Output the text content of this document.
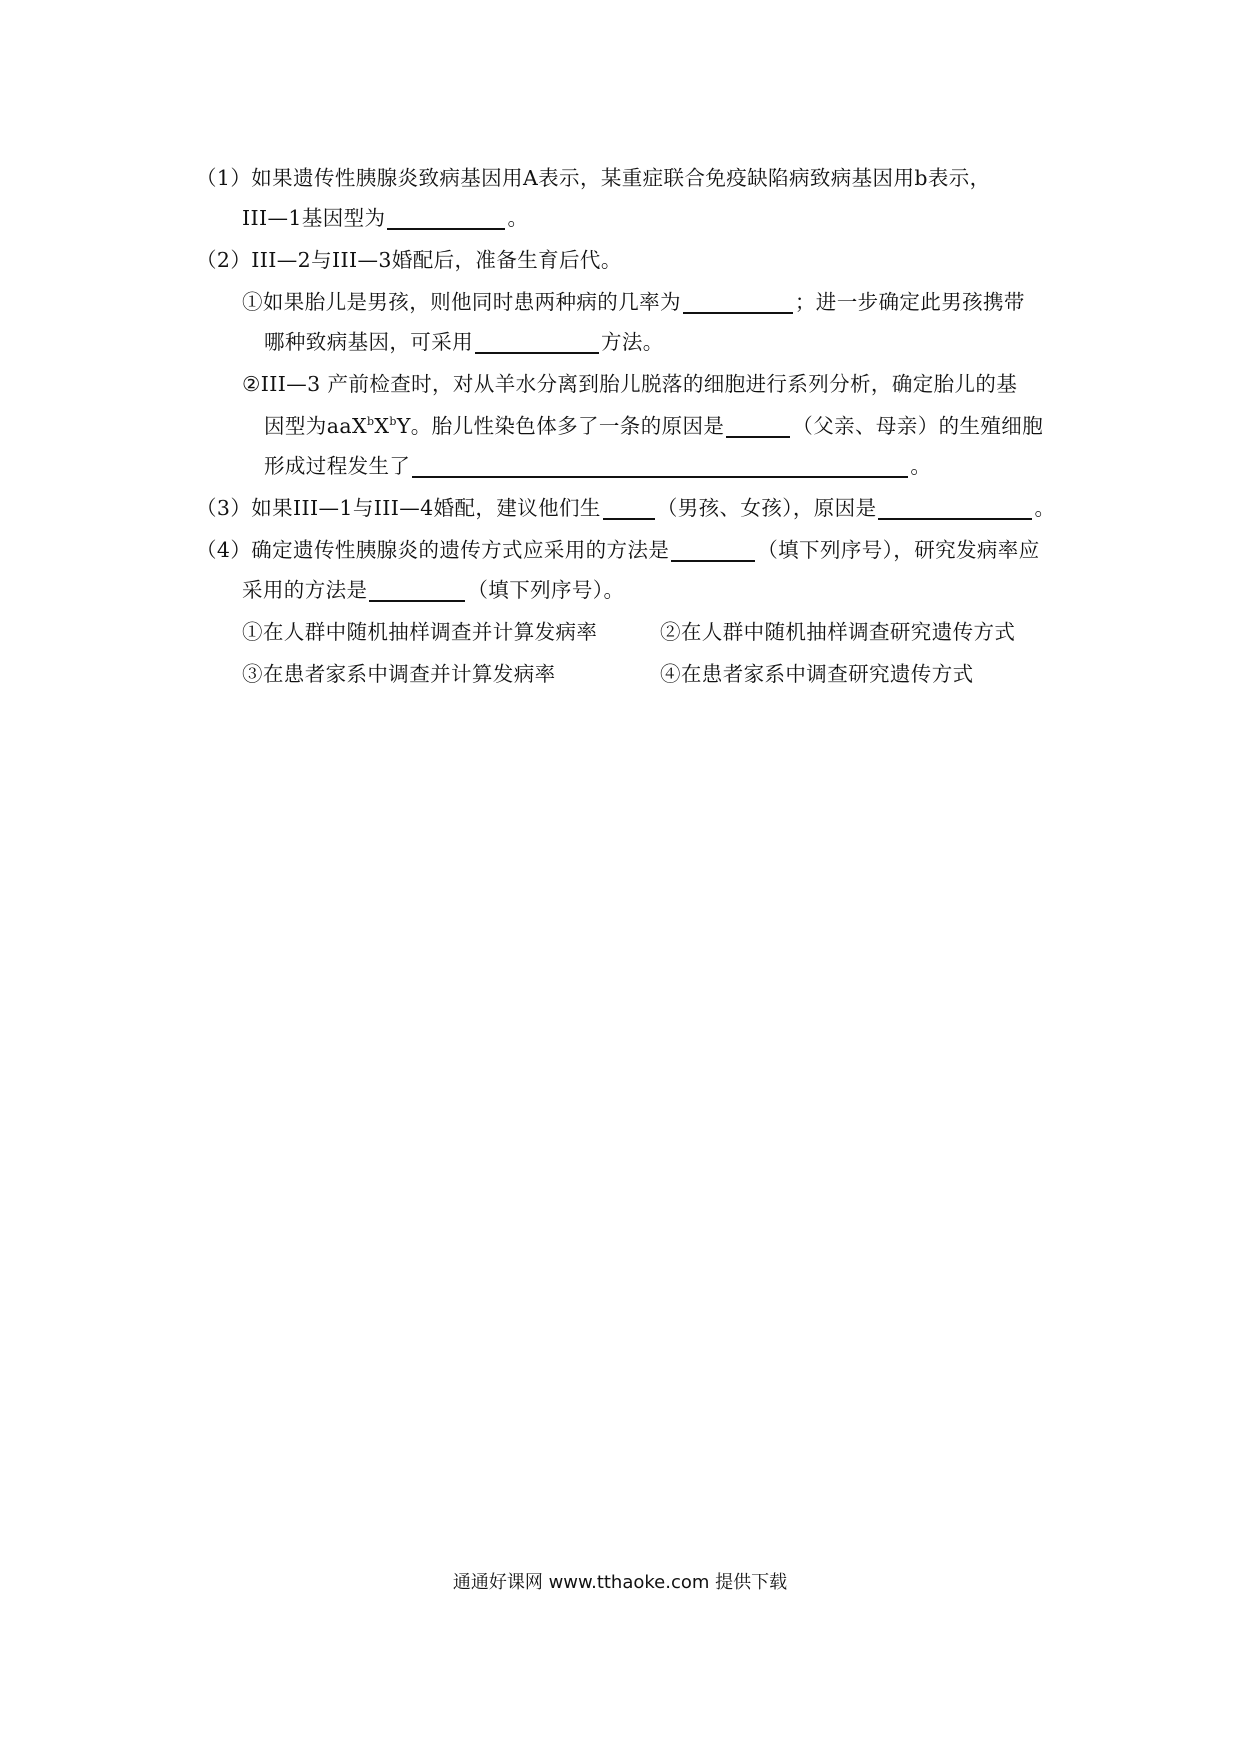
（1）如果遗传性胰腺炎致病基因用A表示，某重症联合免疫缺陷病致病基因用b表示，
III—1基因型为	。
（2）III—2与III—3婚配后，准备生育后代。
①如果胎儿是男孩，则他同时患两种病的几率为	；进一步确定此男孩携带
哪种致病基因，可采用	方法。
②III—3 产前检查时，对从羊水分离到胎儿脱落的细胞进行系列分析，确定胎儿的基
因型为$aaX^bX^bY$。胎儿性染色体多了一条的原因是	（父亲、母亲）的生殖细胞
形成过程发生了	。
（3）如果III—1与III—4婚配，建议他们生	（男孩、女孩），原因是	。
（4）确定遗传性胰腺炎的遗传方式应采用的方法是	（填下列序号），研究发病率应
采用的方法是	（填下列序号）。
①在人群中随机抽样调查并计算发病率	②在人群中随机抽样调查研究遗传方式
③在患者家系中调查并计算发病率	④在患者家系中调查研究遗传方式
通通好课网 www.tthaoke.com 提供下载
